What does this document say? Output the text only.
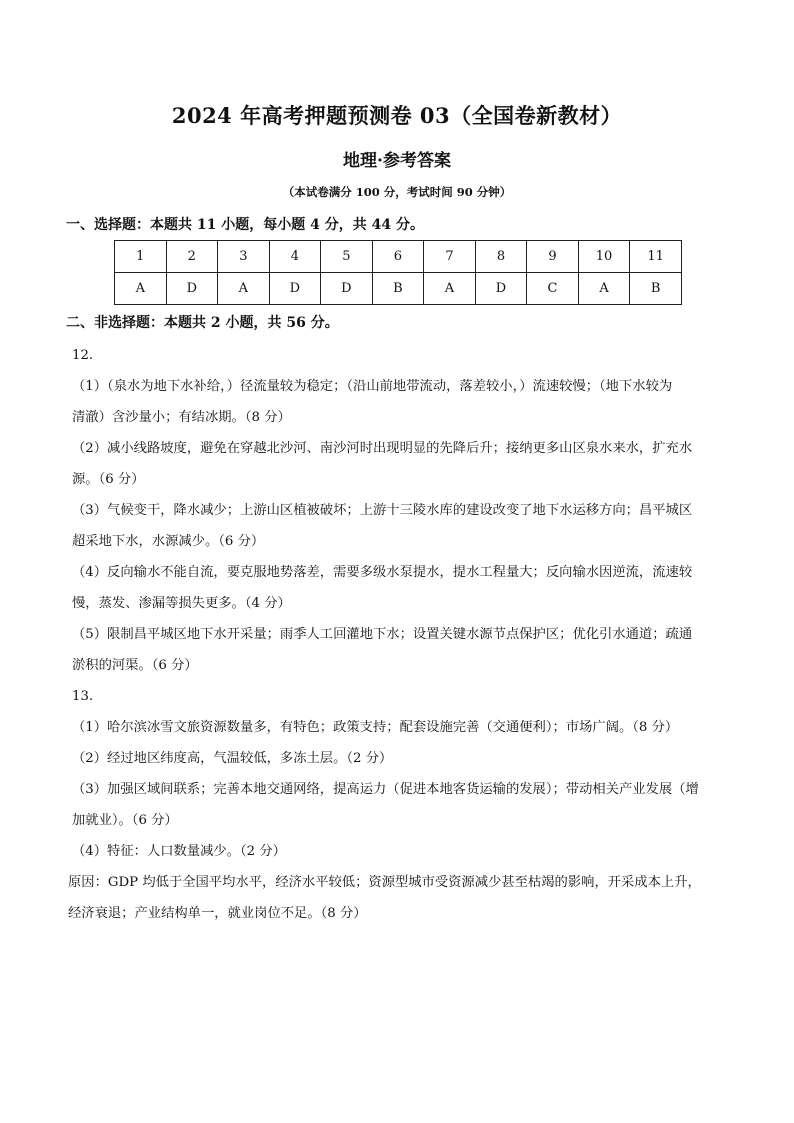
2024 年高考押题预测卷 03（全国卷新教材）
地理·参考答案
（本试卷满分 100 分，考试时间 90 分钟）
一、选择题：本题共 11 小题，每小题 4 分，共 44 分。
1	2	3	4	5	6	7	8	9	10	11
A	D	A	D	D	B	A	D	C	A	B
二、非选择题：本题共 2 小题，共 56 分。

12.

（1）（泉水为地下水补给，）径流量较为稳定；（沿山前地带流动，落差较小，）流速较慢；（地下水较为

清澈）含沙量小；有结冰期。（8 分）

（2）减小线路坡度，避免在穿越北沙河、南沙河时出现明显的先降后升；接纳更多山区泉水来水，扩充水

源。（6 分）

（3）气候变干，降水减少；上游山区植被破坏；上游十三陵水库的建设改变了地下水运移方向；昌平城区

超采地下水，水源减少。（6 分）

（4）反向输水不能自流，要克服地势落差，需要多级水泵提水，提水工程量大；反向输水因逆流，流速较

慢，蒸发、渗漏等损失更多。（4 分）

（5）限制昌平城区地下水开采量；雨季人工回灌地下水；设置关键水源节点保护区；优化引水通道；疏通

淤积的河渠。（6 分）

13.

（1）哈尔滨冰雪文旅资源数量多，有特色；政策支持；配套设施完善（交通便利）；市场广阔。（8 分）

（2）经过地区纬度高，气温较低，多冻土层。（2 分）

（3）加强区域间联系；完善本地交通网络，提高运力（促进本地客货运输的发展）；带动相关产业发展（增

加就业）。（6 分）

（4）特征：人口数量减少。（2 分）

原因：GDP 均低于全国平均水平，经济水平较低；资源型城市受资源减少甚至枯竭的影响，开采成本上升，

经济衰退；产业结构单一，就业岗位不足。（8 分）
